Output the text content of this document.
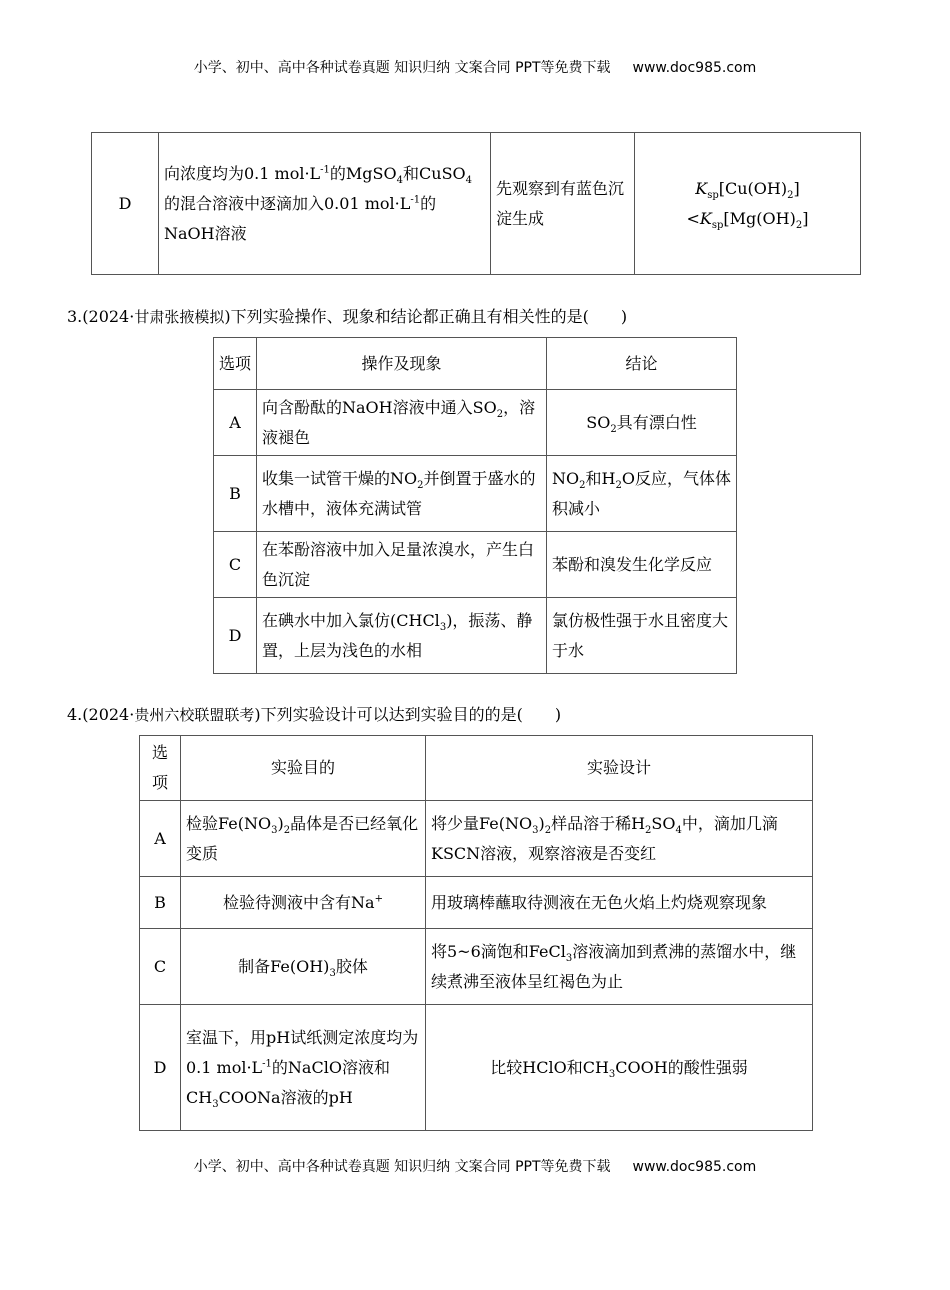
小学、初中、高中各种试卷真题 知识归纳 文案合同 PPT等免费下载 www.doc985.com
D	向浓度均为0.1 $mol\cdot L^{-1}$的MgSO$_4$和CuSO$_4$的混合溶液中逐滴加入0.01 $mol\cdot L^{-1}$的NaOH溶液	先观察到有蓝色沉淀生成	$K_{sp}[Cu(OH)_2]<K_{sp}[Mg(OH)_2]$
3.(2024·甘肃张掖模拟)下列实验操作、现象和结论都正确且有相关性的是(　　)
选项	操作及现象	结论
A	向含酚酞的NaOH溶液中通入$SO_2$，溶液褪色	$SO_2$具有漂白性
B	收集一试管干燥的$NO_2$并倒置于盛水的水槽中，液体充满试管	$NO_2$和$H_2O$反应，气体体积减小
C	在苯酚溶液中加入足量浓溴水，产生白色沉淀	苯酚和溴发生化学反应
D	在碘水中加入氯仿(CHCl$_3$)，振荡、静置，上层为浅色的水相	氯仿极性强于水且密度大于水
4.(2024·贵州六校联盟联考)下列实验设计可以达到实验目的的是(　　)
选项	实验目的	实验设计
A	检验$Fe(NO_3)_2$晶体是否已经氧化变质	将少量$Fe(NO_3)_2$样品溶于稀$H_2SO_4$中，滴加几滴KSCN溶液，观察溶液是否变红
B	检验待测液中含有Na+	用玻璃棒蘸取待测液在无色火焰上灼烧观察现象
C	制备$Fe(OH)_3$胶体	将5~6滴饱和FeCl$_3$溶液滴加到煮沸的蒸馏水中，继续煮沸至液体呈红褐色为止
D	室温下，用pH试纸测定浓度均为0.1 $mol\cdot L^{-1}$的NaClO溶液和$CH_3COONa$溶液的pH	比较HClO和$CH_3COOH$的酸性强弱
小学、初中、高中各种试卷真题 知识归纳 文案合同 PPT等免费下载 www.doc985.com
